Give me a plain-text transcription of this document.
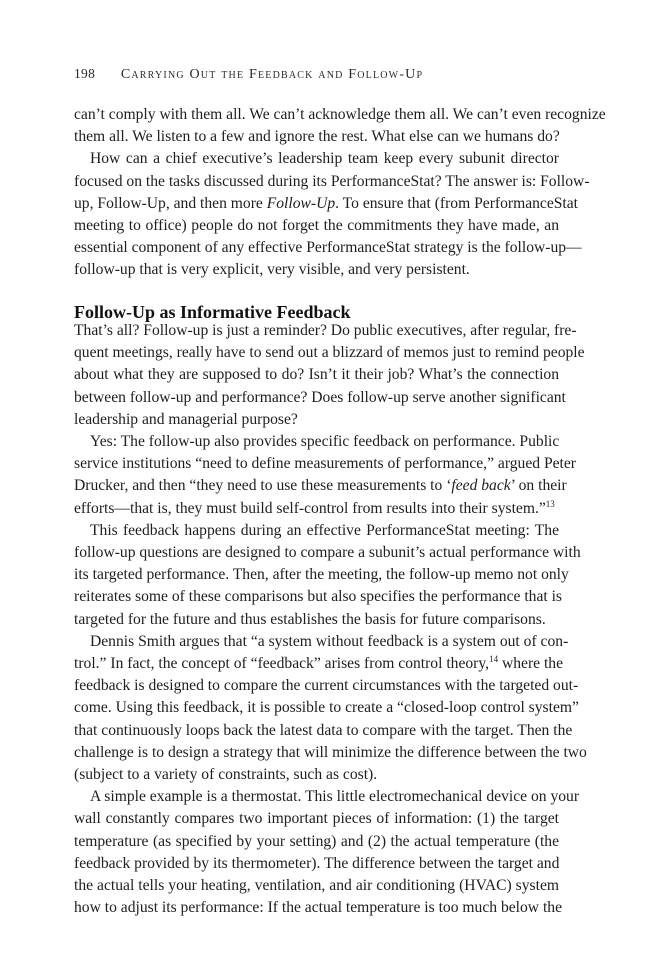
198 Carrying Out the Feedback and Follow-Up
can’t comply with them all. We can’t acknowledge them all. We can’t even recognize
them all. We listen to a few and ignore the rest. What else can we humans do?
How can a chief executive’s leadership team keep every subunit director
focused on the tasks discussed during its PerformanceStat? The answer is: Follow-
up, Follow-Up, and then more Follow-Up. To ensure that (from PerformanceStat
meeting to office) people do not forget the commitments they have made, an
essential component of any effective PerformanceStat strategy is the follow-up—
follow-up that is very explicit, very visible, and very persistent.
Follow-Up as Informative Feedback
That’s all? Follow-up is just a reminder? Do public executives, after regular, fre-
quent meetings, really have to send out a blizzard of memos just to remind people
about what they are supposed to do? Isn’t it their job? What’s the connection
between follow-up and performance? Does follow-up serve another significant
leadership and managerial purpose?
Yes: The follow-up also provides specific feedback on performance. Public
service institutions “need to define measurements of performance,” argued Peter
Drucker, and then “they need to use these measurements to ‘feed back’ on their
efforts—that is, they must build self-control from results into their system.”$^{13}$
This feedback happens during an effective PerformanceStat meeting: The
follow-up questions are designed to compare a subunit’s actual performance with
its targeted performance. Then, after the meeting, the follow-up memo not only
reiterates some of these comparisons but also specifies the performance that is
targeted for the future and thus establishes the basis for future comparisons.
Dennis Smith argues that “a system without feedback is a system out of con-
trol.” In fact, the concept of “feedback” arises from control theory,$^{14}$ where the
feedback is designed to compare the current circumstances with the targeted out-
come. Using this feedback, it is possible to create a “closed-loop control system”
that continuously loops back the latest data to compare with the target. Then the
challenge is to design a strategy that will minimize the difference between the two
(subject to a variety of constraints, such as cost).
A simple example is a thermostat. This little electromechanical device on your
wall constantly compares two important pieces of information: (1) the target
temperature (as specified by your setting) and (2) the actual temperature (the
feedback provided by its thermometer). The difference between the target and
the actual tells your heating, ventilation, and air conditioning (HVAC) system
how to adjust its performance: If the actual temperature is too much below the
